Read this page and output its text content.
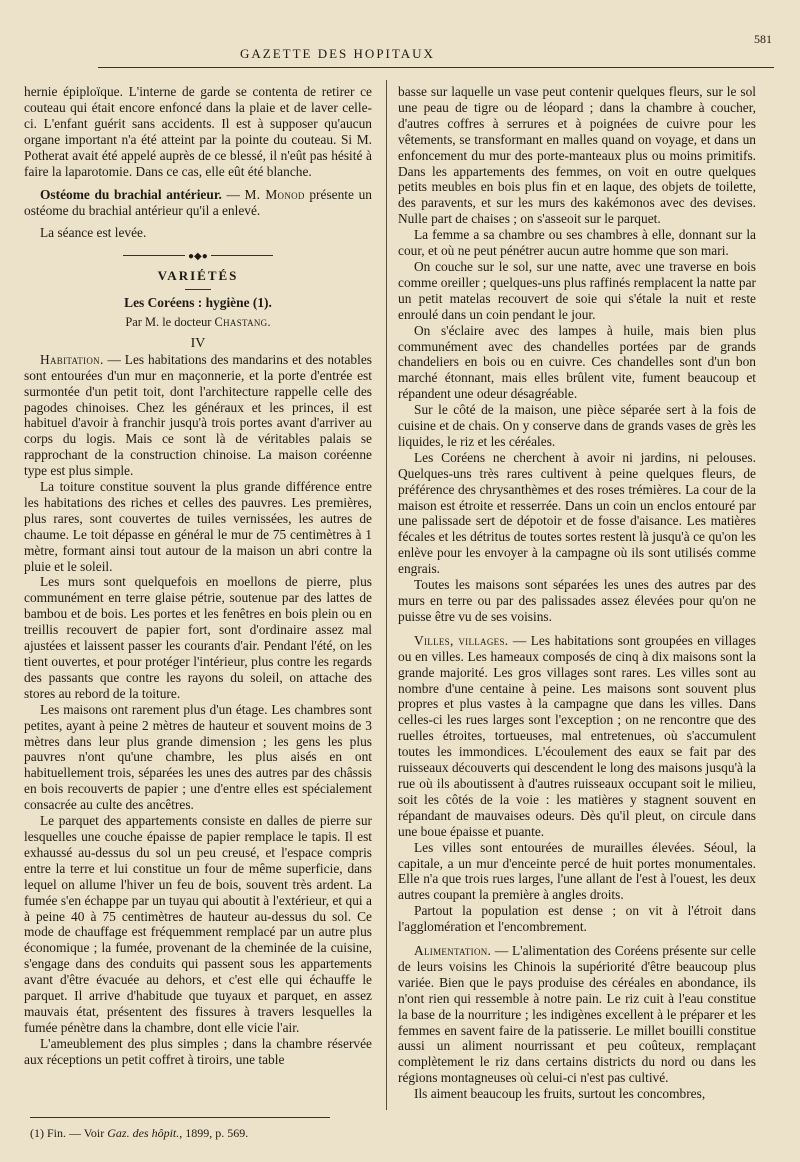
GAZETTE DES HOPITAUX
581

hernie épiploïque. L'interne de garde se contenta de retirer ce couteau qui était encore enfoncé dans la plaie et de laver celle-ci. L'enfant guérit sans accidents. Il est à supposer qu'aucun organe important n'a été atteint par la pointe du couteau. Si M. Potherat avait été appelé auprès de ce blessé, il n'eût pas hésité à faire la laparotomie. Dans ce cas, elle eût été blanche.

Ostéome du brachial antérieur. — M. Monod présente un ostéome du brachial antérieur qu'il a enlevé.

La séance est levée.

●◆●

VARIÉTÉS

Les Coréens : hygiène (1).

Par M. le docteur Chastang.

IV

Habitation. — Les habitations des mandarins et des notables sont entourées d'un mur en maçonnerie, et la porte d'entrée est surmontée d'un petit toit, dont l'architecture rappelle celle des pagodes chinoises. Chez les généraux et les princes, il est habituel d'avoir à franchir jusqu'à trois portes avant d'arriver au corps du logis. Mais ce sont là de véritables palais se rapprochant de la construction chinoise. La maison coréenne type est plus simple.

La toiture constitue souvent la plus grande différence entre les habitations des riches et celles des pauvres. Les premières, plus rares, sont couvertes de tuiles vernissées, les autres de chaume. Le toit dépasse en général le mur de 75 centimètres à 1 mètre, formant ainsi tout autour de la maison un abri contre la pluie et le soleil.

Les murs sont quelquefois en moellons de pierre, plus communément en terre glaise pétrie, soutenue par des lattes de bambou et de bois. Les portes et les fenêtres en bois plein ou en treillis recouvert de papier fort, sont d'ordinaire assez mal ajustées et laissent passer les courants d'air. Pendant l'été, on les tient ouvertes, et pour protéger l'intérieur, plus contre les regards des passants que contre les rayons du soleil, on attache des stores au rebord de la toiture.

Les maisons ont rarement plus d'un étage. Les chambres sont petites, ayant à peine 2 mètres de hauteur et souvent moins de 3 mètres dans leur plus grande dimension ; les gens les plus pauvres n'ont qu'une chambre, les plus aisés en ont habituellement trois, séparées les unes des autres par des châssis en bois recouverts de papier ; une d'entre elles est spécialement consacrée au culte des ancêtres.

Le parquet des appartements consiste en dalles de pierre sur lesquelles une couche épaisse de papier remplace le tapis. Il est exhaussé au-dessus du sol un peu creusé, et l'espace compris entre la terre et lui constitue un four de même superficie, dans lequel on allume l'hiver un feu de bois, souvent très ardent. La fumée s'en échappe par un tuyau qui aboutit à l'extérieur, et qui a à peine 40 à 75 centimètres de hauteur au-dessus du sol. Ce mode de chauffage est fréquemment remplacé par un autre plus économique ; la fumée, provenant de la cheminée de la cuisine, s'engage dans des conduits qui passent sous les appartements avant d'être évacuée au dehors, et c'est elle qui échauffe le parquet. Il arrive d'habitude que tuyaux et parquet, en assez mauvais état, présentent des fissures à travers lesquelles la fumée pénètre dans la chambre, dont elle vicie l'air.

L'ameublement des plus simples ; dans la chambre réservée aux réceptions un petit coffret à tiroirs, une table

basse sur laquelle un vase peut contenir quelques fleurs, sur le sol une peau de tigre ou de léopard ; dans la chambre à coucher, d'autres coffres à serrures et à poignées de cuivre pour les vêtements, se transformant en malles quand on voyage, et dans un enfoncement du mur des porte-manteaux plus ou moins primitifs. Dans les appartements des femmes, on voit en outre quelques petits meubles en bois plus fin et en laque, des objets de toilette, des paravents, et sur les murs des kakémonos avec des devises. Nulle part de chaises ; on s'asseoit sur le parquet.

La femme a sa chambre ou ses chambres à elle, donnant sur la cour, et où ne peut pénétrer aucun autre homme que son mari.

On couche sur le sol, sur une natte, avec une traverse en bois comme oreiller ; quelques-uns plus raffinés remplacent la natte par un petit matelas recouvert de soie qui s'étale la nuit et reste enroulé dans un coin pendant le jour.

On s'éclaire avec des lampes à huile, mais bien plus communément avec des chandelles portées par de grands chandeliers en bois ou en cuivre. Ces chandelles sont d'un bon marché étonnant, mais elles brûlent vite, fument beaucoup et répandent une odeur désagréable.

Sur le côté de la maison, une pièce séparée sert à la fois de cuisine et de chais. On y conserve dans de grands vases de grès les liquides, le riz et les céréales.

Les Coréens ne cherchent à avoir ni jardins, ni pelouses. Quelques-uns très rares cultivent à peine quelques fleurs, de préférence des chrysanthèmes et des roses trémières. La cour de la maison est étroite et resserrée. Dans un coin un enclos entouré par une palissade sert de dépotoir et de fosse d'aisance. Les matières fécales et les détritus de toutes sortes restent là jusqu'à ce qu'on les enlève pour les envoyer à la campagne où ils sont utilisés comme engrais.

Toutes les maisons sont séparées les unes des autres par des murs en terre ou par des palissades assez élevées pour qu'on ne puisse être vu de ses voisins.

Villes, villages. — Les habitations sont groupées en villages ou en villes. Les hameaux composés de cinq à dix maisons sont la grande majorité. Les gros villages sont rares. Les villes sont au nombre d'une centaine à peine. Les maisons sont souvent plus propres et plus vastes à la campagne que dans les villes. Dans celles-ci les rues larges sont l'exception ; on ne rencontre que des ruelles étroites, tortueuses, mal entretenues, où s'accumulent toutes les immondices. L'écoulement des eaux se fait par des ruisseaux découverts qui descendent le long des maisons jusqu'à la rue où ils aboutissent à d'autres ruisseaux occupant soit le milieu, soit les côtés de la voie : les matières y stagnent souvent en répandant de mauvaises odeurs. Dès qu'il pleut, on circule dans une boue épaisse et puante.

Les villes sont entourées de murailles élevées. Séoul, la capitale, a un mur d'enceinte percé de huit portes monumentales. Elle n'a que trois rues larges, l'une allant de l'est à l'ouest, les deux autres coupant la première à angles droits.

Partout la population est dense ; on vit à l'étroit dans l'agglomération et l'encombrement.

Alimentation. — L'alimentation des Coréens présente sur celle de leurs voisins les Chinois la supériorité d'être beaucoup plus variée. Bien que le pays produise des céréales en abondance, ils n'ont rien qui ressemble à notre pain. Le riz cuit à l'eau constitue la base de la nourriture ; les indigènes excellent à le préparer et les femmes en savent faire de la patisserie. Le millet bouilli constitue aussi un aliment nourrissant et peu coûteux, remplaçant complètement le riz dans certains districts du nord ou dans les régions montagneuses où celui-ci n'est pas cultivé.

Ils aiment beaucoup les fruits, surtout les concombres,

(1) Fin. — Voir Gaz. des hôpit., 1899, p. 569.
